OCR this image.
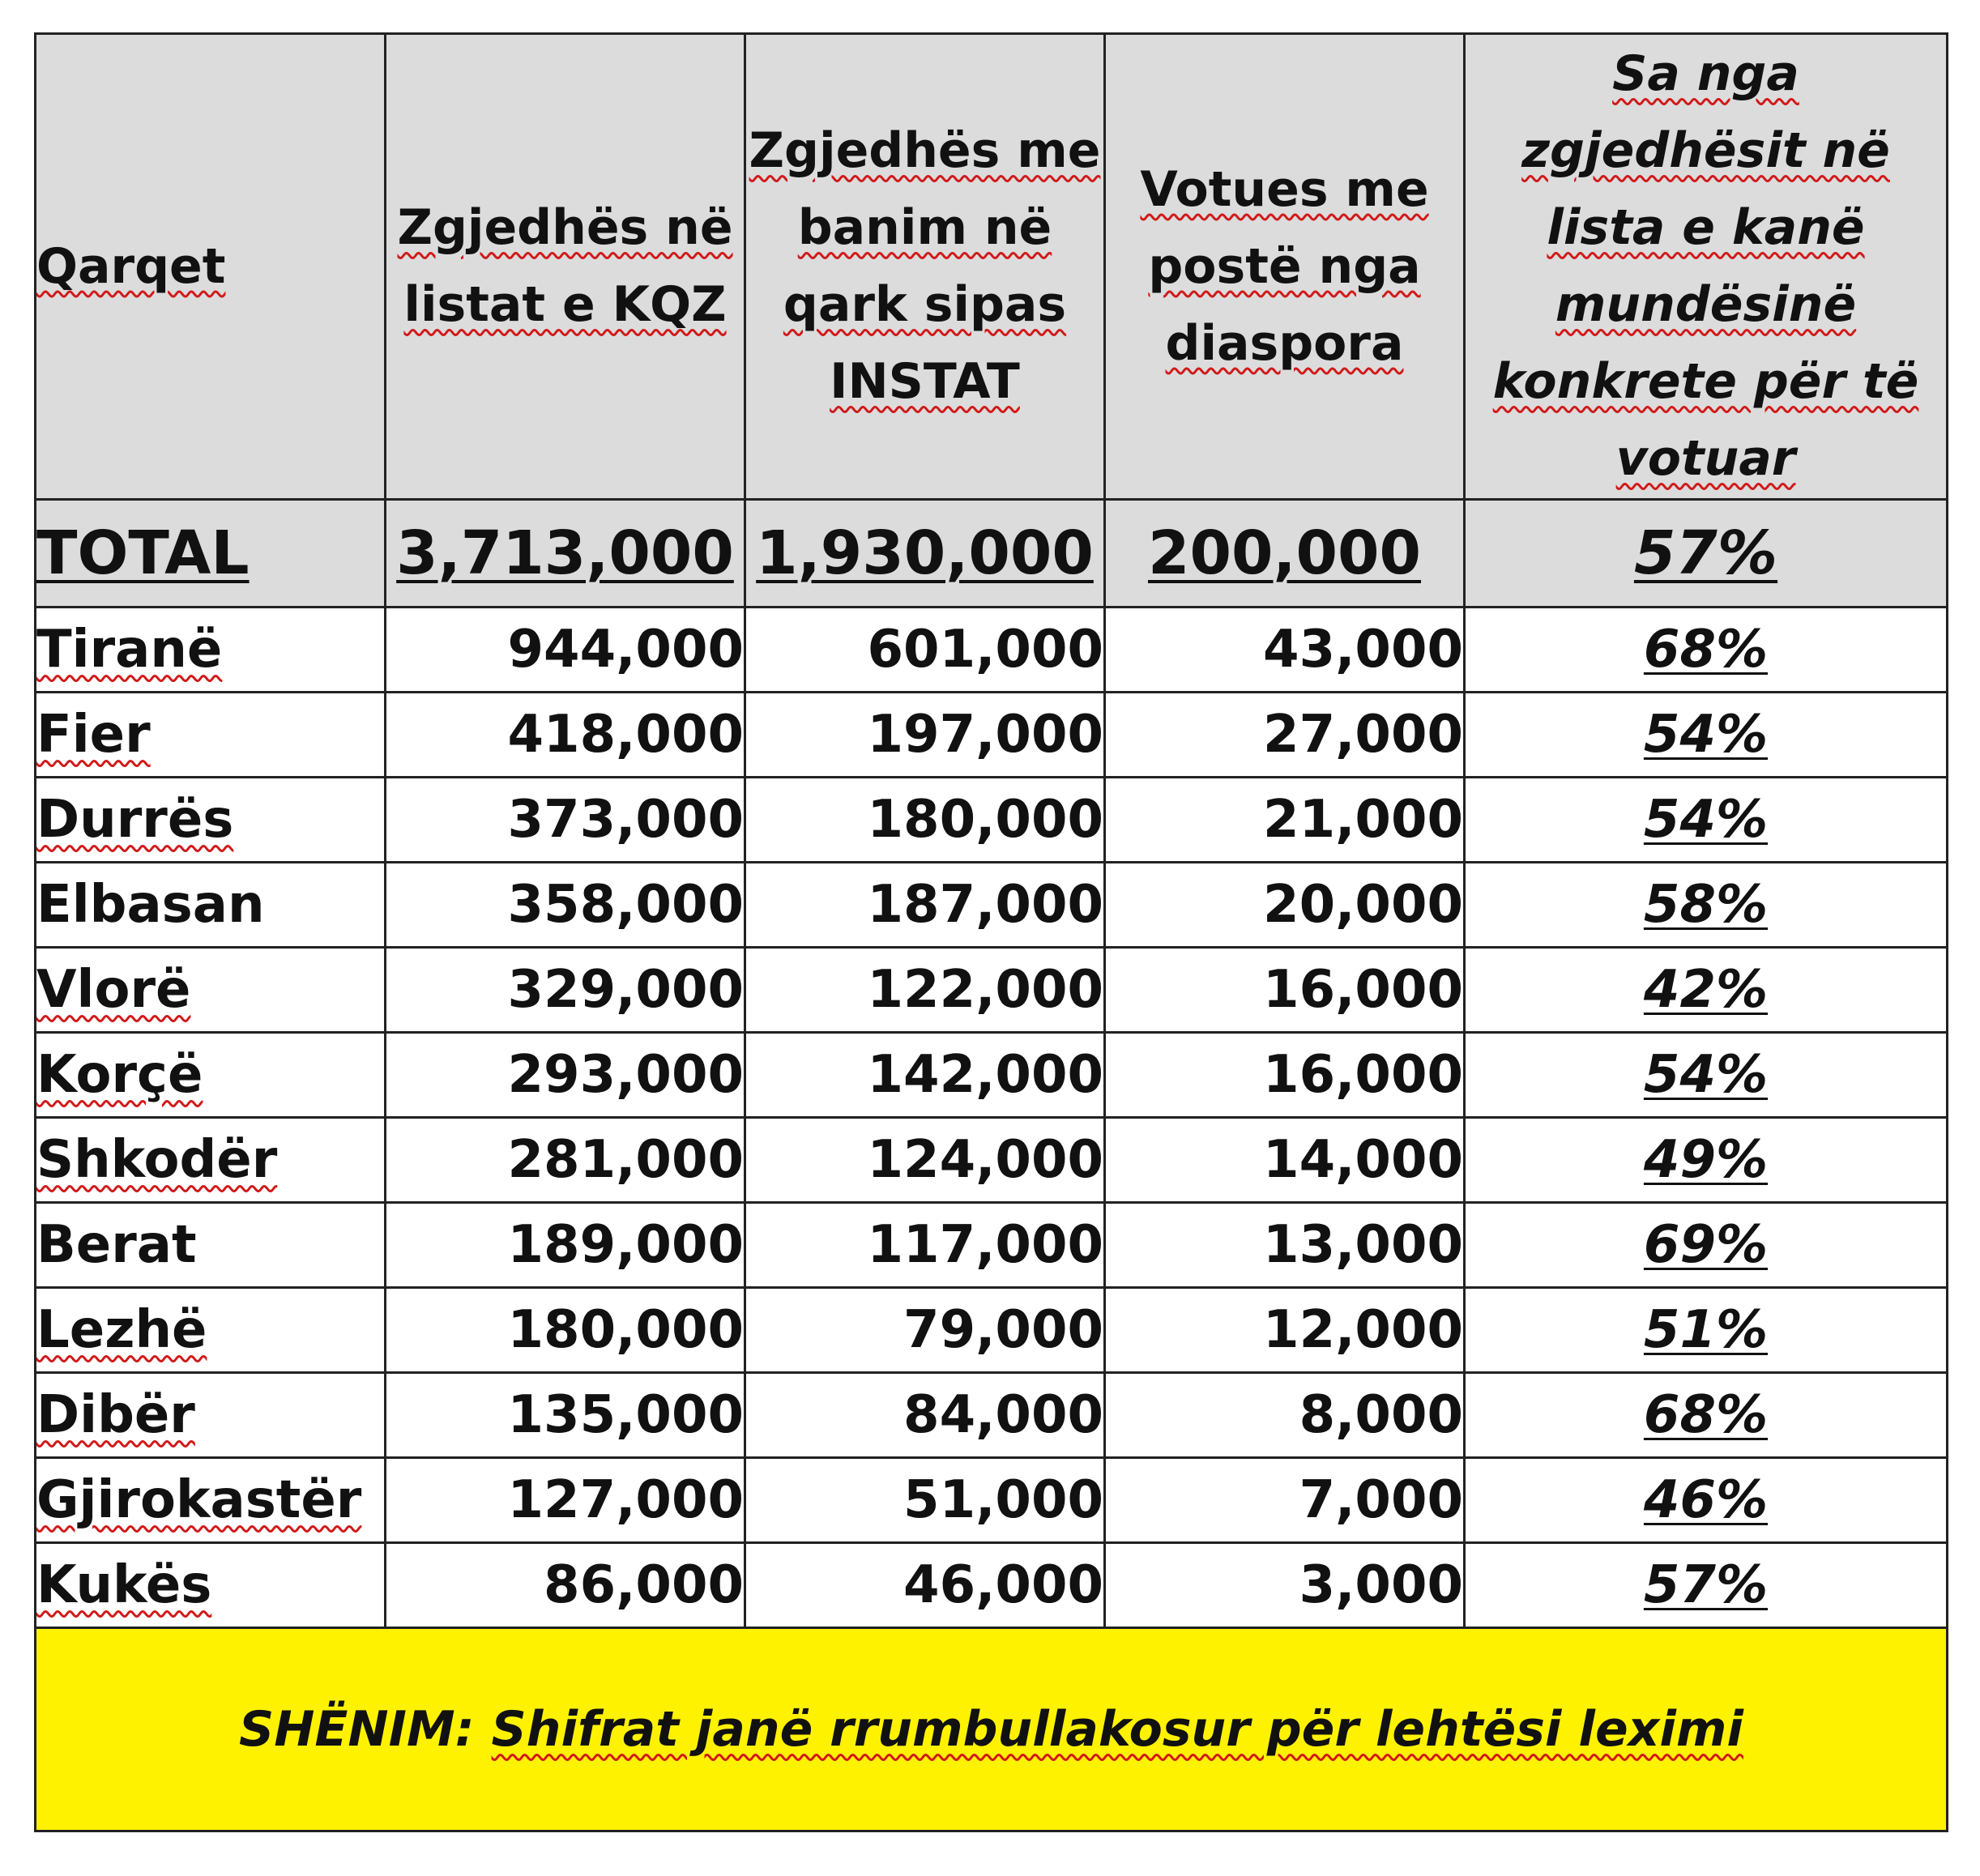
Qarqet	Zgjedhës në listat e KQZ	Zgjedhës me banim në qark sipas INSTAT	Votues me postë nga diaspora	Sa nga zgjedhësit në lista e kanë mundësinë konkrete për të votuar
TOTAL	3,713,000	1,930,000	200,000	57%
Tiranë	944,000	601,000	43,000	68%
Fier	418,000	197,000	27,000	54%
Durrës	373,000	180,000	21,000	54%
Elbasan	358,000	187,000	20,000	58%
Vlorë	329,000	122,000	16,000	42%
Korçë	293,000	142,000	16,000	54%
Shkodër	281,000	124,000	14,000	49%
Berat	189,000	117,000	13,000	69%
Lezhë	180,000	79,000	12,000	51%
Dibër	135,000	84,000	8,000	68%
Gjirokastër	127,000	51,000	7,000	46%
Kukës	86,000	46,000	3,000	57%
SHËNIM: Shifrat janë rrumbullakosur për lehtësi leximi				
